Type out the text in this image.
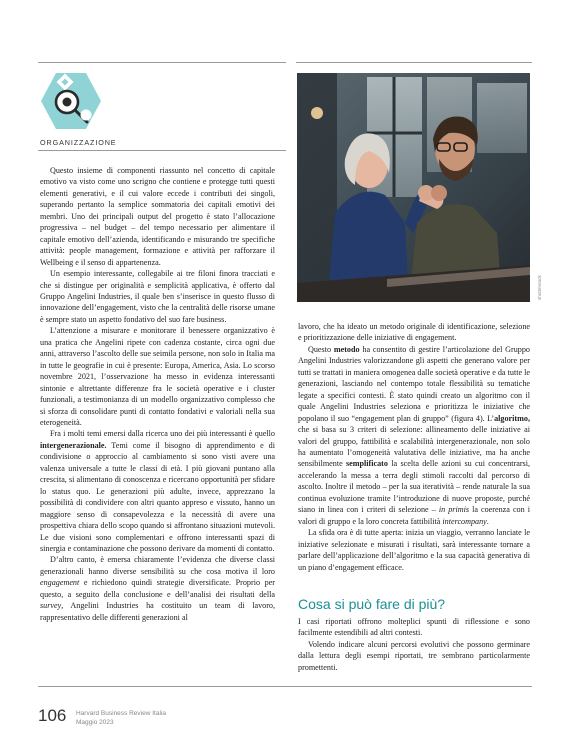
ORGANIZZAZIONE

Questo insieme di componenti riassunto nel concetto di capitale emotivo va visto come uno scrigno che contiene e protegge tutti questi elementi generativi, e il cui valore eccede i contributi dei singoli, superando pertanto la semplice sommatoria dei capitali emotivi dei membri. Uno dei principali output del progetto è stato l’allocazione progressiva – nel budget – del tempo necessario per alimentare il capitale emotivo dell’azienda, identificando e misurando tre specifiche attività: people management, formazione e attività per rafforzare il Wellbeing e il senso di appartenenza.

Un esempio interessante, collegabile ai tre filoni finora tracciati e che si distingue per originalità e semplicità applicativa, è offerto dal Gruppo Angelini Industries, il quale ben s’inserisce in questo flusso di innovazione dell’engagement, visto che la centralità delle risorse umane è sempre stato un aspetto fondativo del suo fare business.

L’attenzione a misurare e monitorare il benessere organizzativo è una pratica che Angelini ripete con cadenza costante, circa ogni due anni, attraverso l’ascolto delle sue seimila persone, non solo in Italia ma in tutte le geografie in cui è presente: Europa, America, Asia. Lo scorso novembre 2021, l’osservazione ha messo in evidenza interessanti sintonie e altrettante differenze fra le società operative e i cluster funzionali, a testimonianza di un modello organizzativo complesso che si sforza di consolidare punti di contatto fondativi e valoriali nella sua eterogeneità.

Fra i molti temi emersi dalla ricerca uno dei più interessanti è quello intergenerazionale. Temi come il bisogno di apprendimento e di condivisione o approccio al cambiamento si sono visti avere una valenza universale a tutte le classi di età. I più giovani puntano alla crescita, si alimentano di conoscenza e ricercano opportunità per sfidare lo status quo. Le generazioni più adulte, invece, apprezzano la possibilità di condividere con altri quanto appreso e vissuto, hanno un maggiore senso di consapevolezza e la necessità di avere una prospettiva chiara dello scopo quando si affrontano situazioni mutevoli. Le due visioni sono complementari e offrono interessanti spazi di sinergia e contaminazione che possono derivare da momenti di contatto.

D’altro canto, è emersa chiaramente l’evidenza che diverse classi generazionali hanno diverse sensibilità su che cosa motiva il loro engagement e richiedono quindi strategie diversificate. Proprio per questo, a seguito della conclusione e dell’analisi dei risultati della survey, Angelini Industries ha costituito un team di lavoro, rappresentativo delle differenti generazioni al

shutterstock

lavoro, che ha ideato un metodo originale di identificazione, selezione e prioritizzazione delle iniziative di engagement.

Questo metodo ha consentito di gestire l’articolazione del Gruppo Angelini Industries valorizzandone gli aspetti che generano valore per tutti se trattati in maniera omogenea dalle società operative e da tutte le generazioni, lasciando nel contempo totale flessibilità su tematiche legate a specifici contesti. È stato quindi creato un algoritmo con il quale Angelini Industries seleziona e prioritizza le iniziative che popolano il suo “engagement plan di gruppo” (figura 4). L’algoritmo, che si basa su 3 criteri di selezione: allineamento delle iniziative ai valori del gruppo, fattibilità e scalabilità intergenerazionale, non solo ha aumentato l’omogeneità valutativa delle iniziative, ma ha anche sensibilmente semplificato la scelta delle azioni su cui concentrarsi, accelerando la messa a terra degli stimoli raccolti dal percorso di ascolto. Inoltre il metodo – per la sua iteratività – rende naturale la sua continua evoluzione tramite l’introduzione di nuove proposte, purché siano in linea con i criteri di selezione – in primis la coerenza con i valori di gruppo e la loro concreta fattibilità intercompany.

La sfida ora è di tutte aperta: inizia un viaggio, verranno lanciate le iniziative selezionate e misurati i risultati, sarà interessante tornare a parlare dell’applicazione dell’algoritmo e la sua capacità generativa di un piano d’engagement efficace.

Cosa si può fare di più?

I casi riportati offrono molteplici spunti di riflessione e sono facilmente estendibili ad altri contesti.

Volendo indicare alcuni percorsi evolutivi che possono germinare dalla lettura degli esempi riportati, tre sembrano particolarmente promettenti.

106 Harvard Business Review Italia
Maggio 2023
